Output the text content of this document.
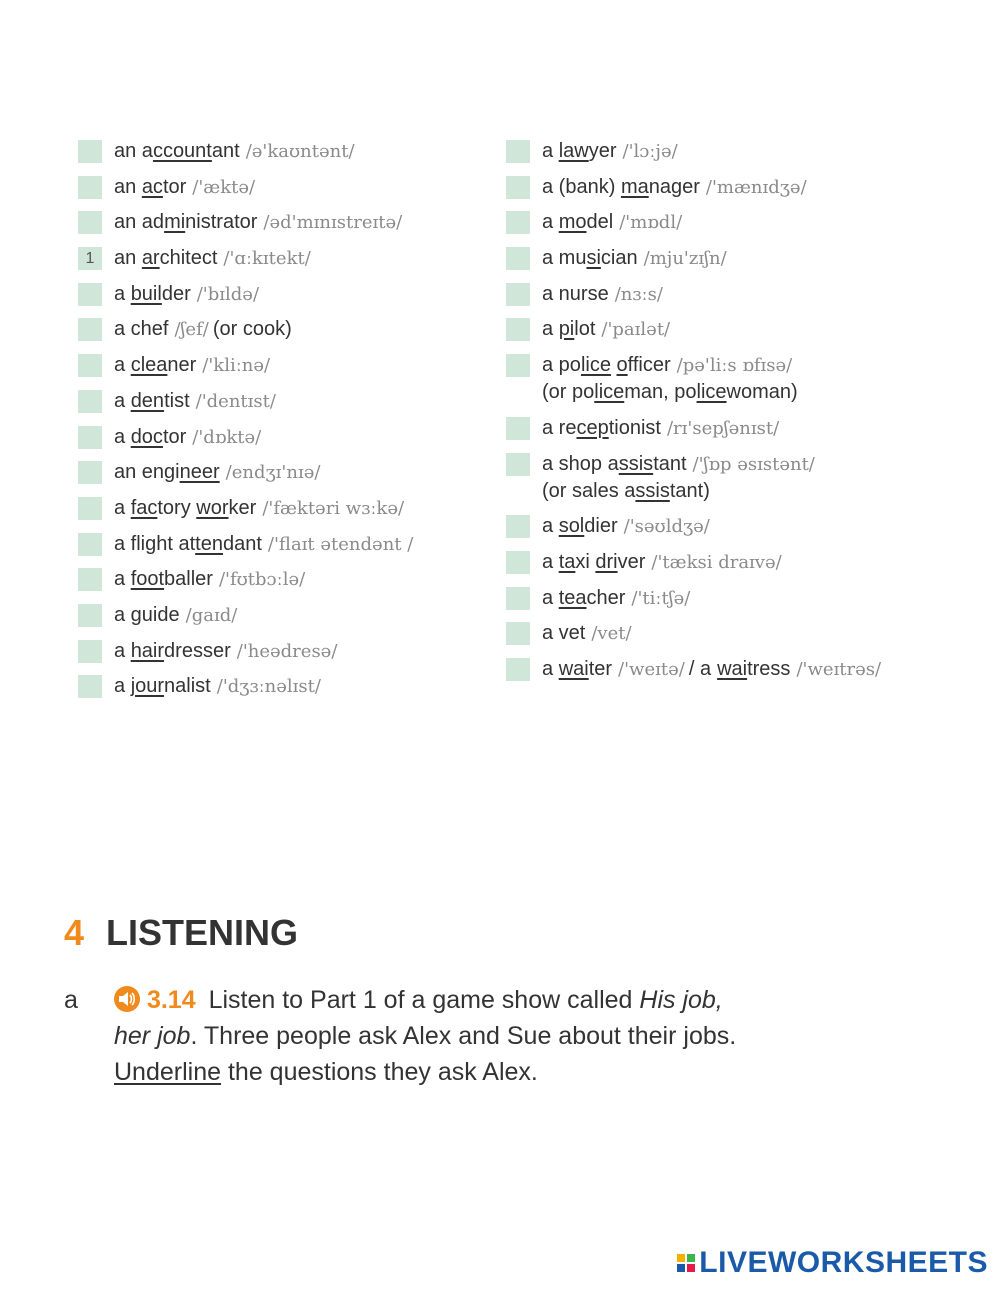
an accountant /ə'kaʊntənt/
an actor /'æktə/
an administrator /əd'mɪnɪstreɪtə/
1 an architect /'ɑːkɪtekt/
a builder /'bɪldə/
a chef /ʃef/ (or cook)
a cleaner /'kliːnə/
a dentist /'dentɪst/
a doctor /'dɒktə/
an engineer /endʒɪ'nɪə/
a factory worker /'fæktəri wɜːkə/
a flight attendant /'flaɪt ətendənt /
a footballer /'fʊtbɔːlə/
a guide /gaɪd/
a hairdresser /'heədresə/
a journalist /'dʒɜːnəlɪst/
a lawyer /'lɔːjə/
a (bank) manager /'mænɪdʒə/
a model /'mɒdl/
a musician /mju'zɪʃn/
a nurse /nɜːs/
a pilot /'paɪlət/
a police officer /pə'liːs ɒfɪsə/
(or policeman, policewoman)
a receptionist /rɪ'sepʃənɪst/
a shop assistant /'ʃɒp əsɪstənt/
(or sales assistant)
a soldier /'səʊldʒə/
a taxi driver /'tæksi draɪvə/
a teacher /'tiːtʃə/
a vet /vet/
a waiter /'weɪtə/ / a waitress /'weɪtrəs/
4 LISTENING
a	3.14 Listen to Part 1 of a game show called His job,
her job. Three people ask Alex and Sue about their jobs.
Underline the questions they ask Alex.
LIVEWORKSHEETS
